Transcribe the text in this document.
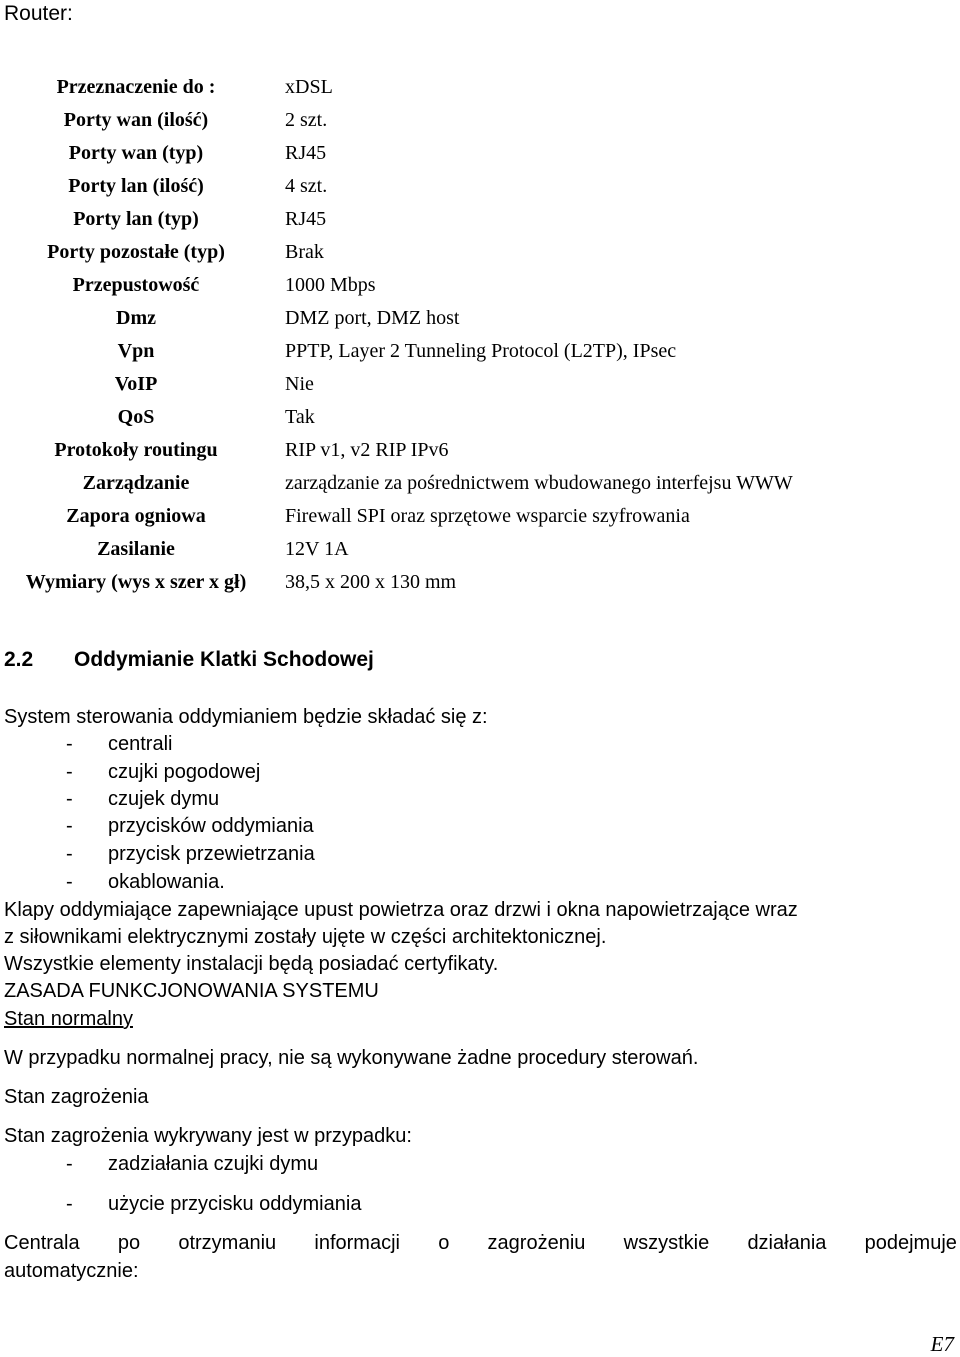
Router:
Przeznaczenie do :	xDSL
Porty wan (ilość)	2 szt.
Porty wan (typ)	RJ45
Porty lan (ilość)	4 szt.
Porty lan (typ)	RJ45
Porty pozostałe (typ)	Brak
Przepustowość	1000 Mbps
Dmz	DMZ port, DMZ host
Vpn	PPTP, Layer 2 Tunneling Protocol (L2TP), IPsec
VoIP	Nie
QoS	Tak
Protokoły routingu	RIP v1, v2 RIP IPv6
Zarządzanie	zarządzanie za pośrednictwem wbudowanego interfejsu WWW
Zapora ogniowa	Firewall SPI oraz sprzętowe wsparcie szyfrowania
Zasilanie	12V 1A
Wymiary (wys x szer x gł)	38,5 x 200 x 130 mm
2.2 Oddymianie Klatki Schodowej
System sterowania oddymianiem będzie składać się z:
- centrali
- czujki pogodowej
- czujek dymu
- przycisków oddymiania
- przycisk przewietrzania
- okablowania.
Klapy oddymiające zapewniające upust powietrza oraz drzwi i okna napowietrzające wraz
z siłownikami elektrycznymi zostały ujęte w części architektonicznej.
Wszystkie elementy instalacji będą posiadać certyfikaty.
ZASADA FUNKCJONOWANIA SYSTEMU
Stan normalny
W przypadku normalnej pracy, nie są wykonywane żadne procedury sterowań.
Stan zagrożenia
Stan zagrożenia wykrywany jest w przypadku:
- zadziałania czujki dymu
- użycie przycisku oddymiania
Centrala po otrzymaniu informacji o zagrożeniu wszystkie działania podejmuje
automatycznie:
E7
